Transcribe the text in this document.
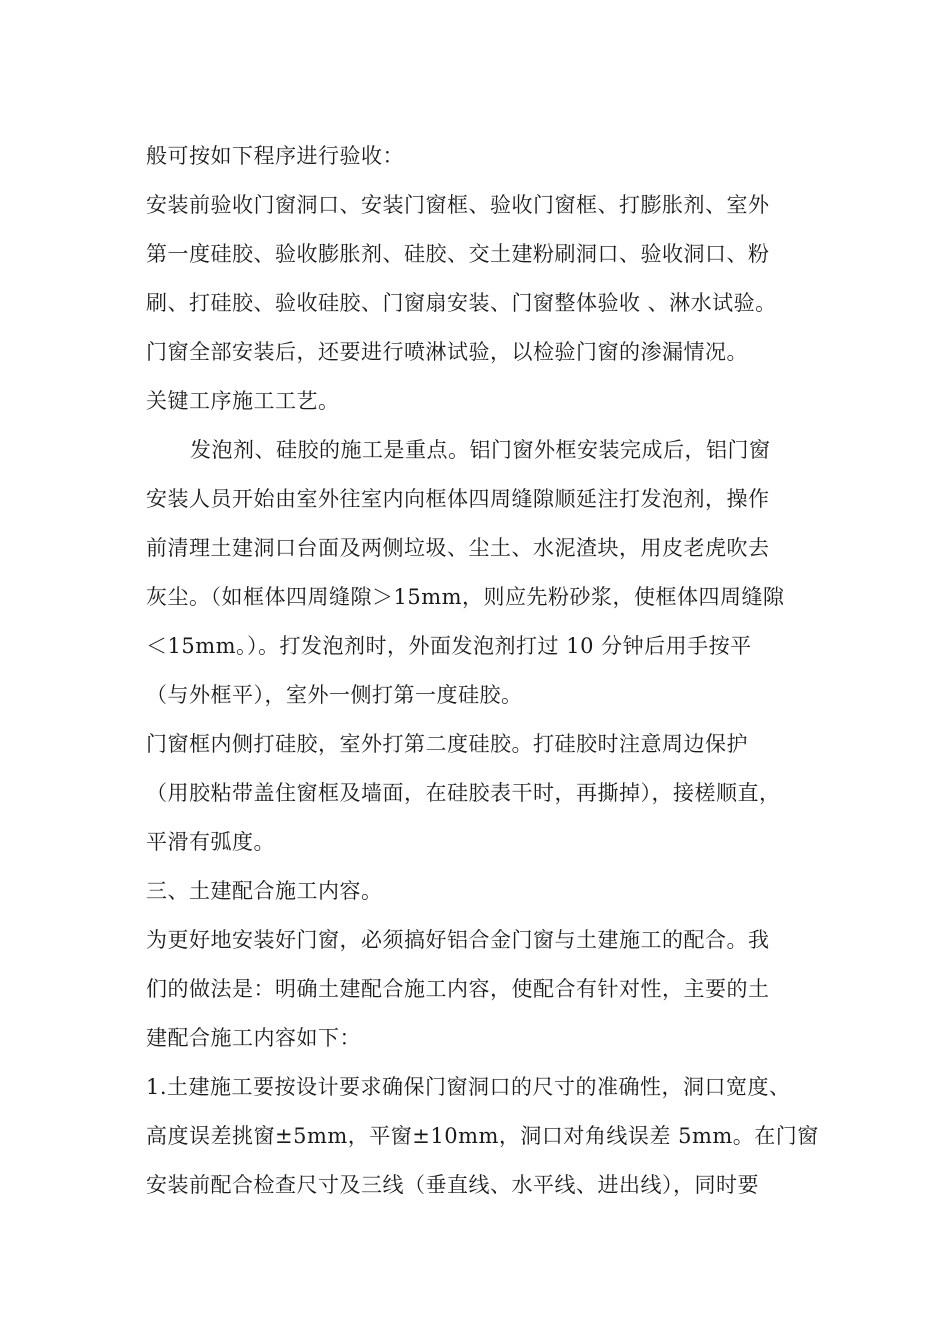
般可按如下程序进行验收：
安装前验收门窗洞口、安装门窗框、验收门窗框、打膨胀剂、室外
第一度硅胶、验收膨胀剂、硅胶、交土建粉刷洞口、验收洞口、粉
刷、打硅胶、验收硅胶、门窗扇安装、门窗整体验收 、淋水试验。
门窗全部安装后，还要进行喷淋试验，以检验门窗的渗漏情况。
关键工序施工工艺。
发泡剂、硅胶的施工是重点。铝门窗外框安装完成后，铝门窗
安装人员开始由室外往室内向框体四周缝隙顺延注打发泡剂，操作
前清理土建洞口台面及两侧垃圾、尘土、水泥渣块，用皮老虎吹去
灰尘。（如框体四周缝隙＞15mm，则应先粉砂浆，使框体四周缝隙
＜15mm。）。打发泡剂时，外面发泡剂打过 10 分钟后用手按平
（与外框平），室外一侧打第一度硅胶。
门窗框内侧打硅胶，室外打第二度硅胶。打硅胶时注意周边保护
（用胶粘带盖住窗框及墙面，在硅胶表干时，再撕掉），接槎顺直，
平滑有弧度。
三、土建配合施工内容。
为更好地安装好门窗，必须搞好铝合金门窗与土建施工的配合。我
们的做法是：明确土建配合施工内容，使配合有针对性，主要的土
建配合施工内容如下：
1.土建施工要按设计要求确保门窗洞口的尺寸的准确性，洞口宽度、
高度误差挑窗±5mm，平窗±10mm，洞口对角线误差 5mm。在门窗
安装前配合检查尺寸及三线（垂直线、水平线、进出线），同时要
